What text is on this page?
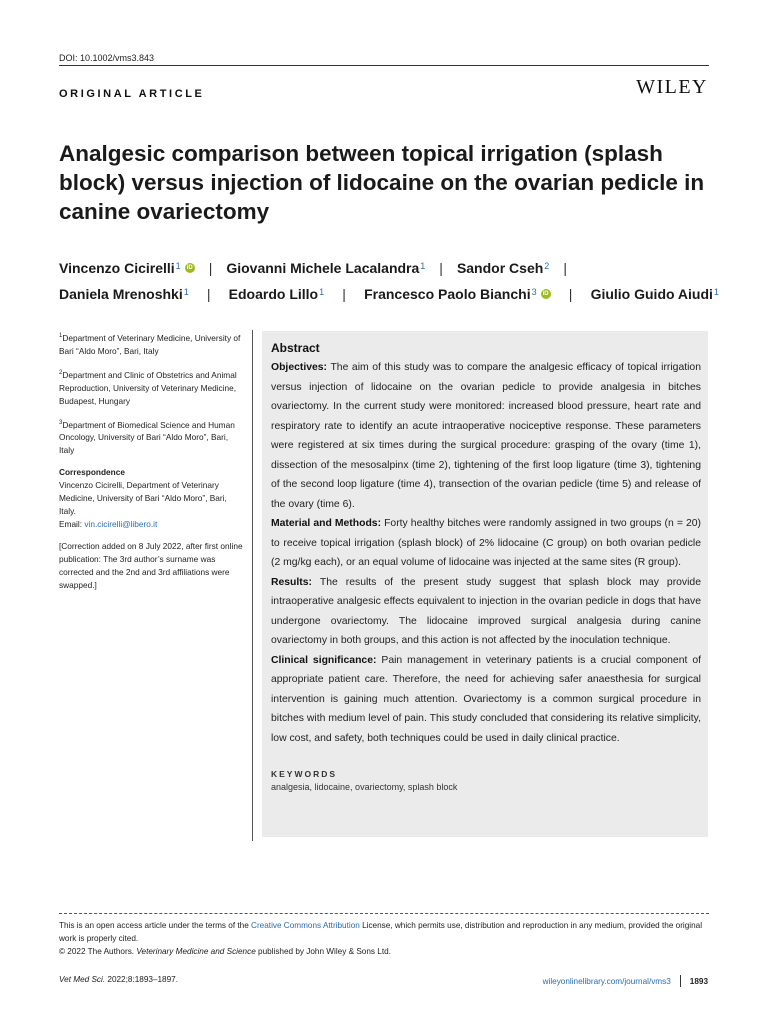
DOI: 10.1002/vms3.843
ORIGINAL ARTICLE	WILEY
Analgesic comparison between topical irrigation (splash block) versus injection of lidocaine on the ovarian pedicle in canine ovariectomy
Vincenzo Cicirelli$^1$	iD | Giovanni Michele Lacalandra$^1$ | Sandor Cseh$^2$ |
Daniela Mrenoshki$^1$ | Edoardo Lillo$^1$ | Francesco Paolo Bianchi$^3$	iD | Giulio Guido Aiudi$^1$

$^1$Department of Veterinary Medicine, University of Bari “Aldo Moro”, Bari, Italy

$^2$Department and Clinic of Obstetrics and Animal Reproduction, University of Veterinary Medicine, Budapest, Hungary

$^3$Department of Biomedical Science and Human Oncology, University of Bari “Aldo Moro”, Bari, Italy

Correspondence

Vincenzo Cicirelli, Department of Veterinary Medicine, University of Bari “Aldo Moro”, Bari, Italy.

Email: vin.cicirelli@libero.it

[Correction added on 8 July 2022, after first online publication: The 3rd author’s surname was corrected and the 2nd and 3rd affiliations were swapped.]

Abstract

Objectives: The aim of this study was to compare the analgesic efficacy of topical irrigation versus injection of lidocaine on the ovarian pedicle to provide analgesia in bitches ovariectomy. In the current study were monitored: increased blood pressure, heart rate and respiratory rate to identify an acute intraoperative nociceptive response. These parameters were registered at six times during the surgical procedure: grasping of the ovary (time 1), dissection of the mesosalpinx (time 2), tightening of the first loop ligature (time 3), tightening of the second loop ligature (time 4), transection of the ovarian pedicle (time 5) and release of the ovary (time 6).

Material and Methods: Forty healthy bitches were randomly assigned in two groups (n = 20) to receive topical irrigation (splash block) of 2% lidocaine (C group) on both ovarian pedicle (2 mg/kg each), or an equal volume of lidocaine was injected at the same sites (R group).

Results: The results of the present study suggest that splash block may provide intraoperative analgesic effects equivalent to injection in the ovarian pedicle in dogs that have undergone ovariectomy. The lidocaine improved surgical analgesia during canine ovariectomy in both groups, and this action is not affected by the inoculation technique.

Clinical significance: Pain management in veterinary patients is a crucial component of appropriate patient care. Therefore, the need for achieving safer anaesthesia for surgical intervention is gaining much attention. Ovariectomy is a common surgical procedure in bitches with medium level of pain. This study concluded that considering its relative simplicity, low cost, and safety, both techniques could be used in daily clinical practice.

KEYWORDS
analgesia, lidocaine, ovariectomy, splash block

This is an open access article under the terms of the Creative Commons Attribution License, which permits use, distribution and reproduction in any medium, provided the original work is properly cited.

© 2022 The Authors. Veterinary Medicine and Science published by John Wiley & Sons Ltd.

Vet Med Sci. 2022;8:1893–1897.	wileyonlinelibrary.com/journal/vms3 1893
